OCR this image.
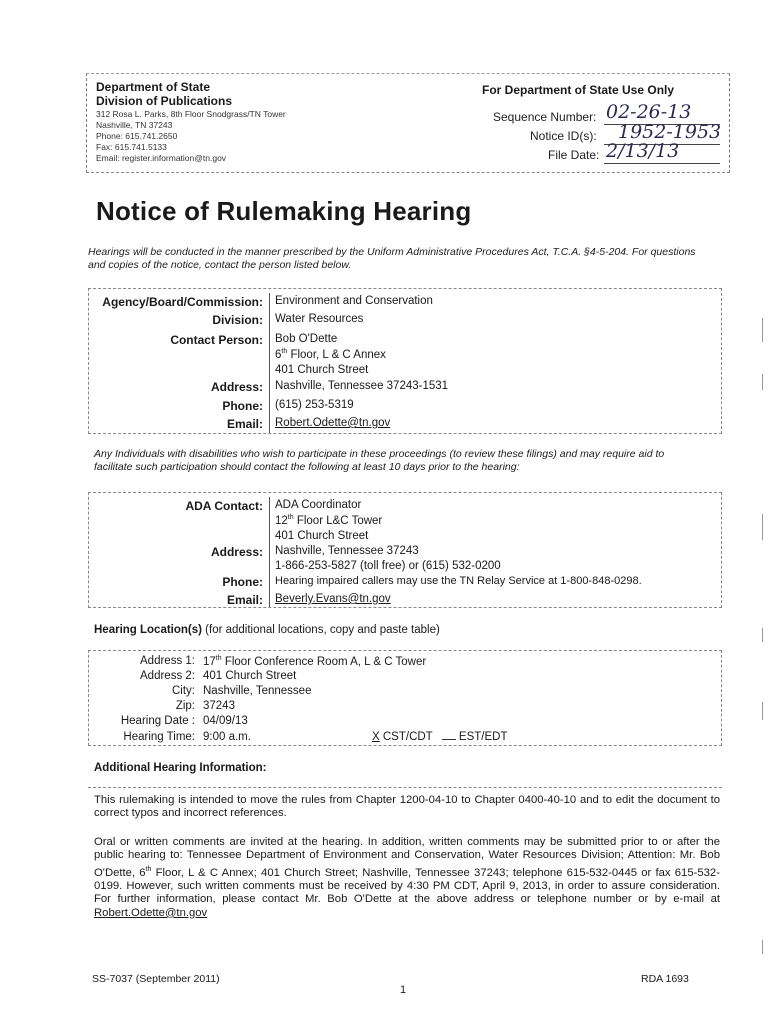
Department of State
Division of Publications
312 Rosa L. Parks, 8th Floor Snodgrass/TN Tower
Nashville, TN 37243
Phone: 615.741.2650
Fax: 615.741.5133
Email: register.information@tn.gov
For Department of State Use Only
Sequence Number: 02-26-13
Notice ID(s): 1952-1953
File Date: 2/13/13
Notice of Rulemaking Hearing
Hearings will be conducted in the manner prescribed by the Uniform Administrative Procedures Act, T.C.A. §4-5-204. For questions and copies of the notice, contact the person listed below.
Agency/Board/Commission: Environment and Conservation
Division: Water Resources
Contact Person: Bob O'Dette
6th Floor, L & C Annex
401 Church Street
Address: Nashville, Tennessee 37243-1531
Phone: (615) 253-5319
Email: Robert.Odette@tn.gov
Any Individuals with disabilities who wish to participate in these proceedings (to review these filings) and may require aid to facilitate such participation should contact the following at least 10 days prior to the hearing:
ADA Contact: ADA Coordinator
12th Floor L&C Tower
401 Church Street
Address: Nashville, Tennessee 37243
1-866-253-5827 (toll free) or (615) 532-0200
Phone: Hearing impaired callers may use the TN Relay Service at 1-800-848-0298.
Email: Beverly.Evans@tn.gov
Hearing Location(s) (for additional locations, copy and paste table)
Address 1: 17th Floor Conference Room A, L & C Tower
Address 2: 401 Church Street
City: Nashville, Tennessee
Zip: 37243
Hearing Date : 04/09/13
Hearing Time: 9:00 a.m.	X CST/CDT EST/EDT
Additional Hearing Information:
This rulemaking is intended to move the rules from Chapter 1200-04-10 to Chapter 0400-40-10 and to edit the document to correct typos and incorrect references.
Oral or written comments are invited at the hearing. In addition, written comments may be submitted prior to or after the public hearing to: Tennessee Department of Environment and Conservation, Water Resources Division; Attention: Mr. Bob O'Dette, 6th Floor, L & C Annex; 401 Church Street; Nashville, Tennessee 37243; telephone 615-532-0445 or fax 615-532-0199. However, such written comments must be received by 4:30 PM CDT, April 9, 2013, in order to assure consideration. For further information, please contact Mr. Bob O'Dette at the above address or telephone number or by e-mail at Robert.Odette@tn.gov
SS-7037 (September 2011)	RDA 1693
1
